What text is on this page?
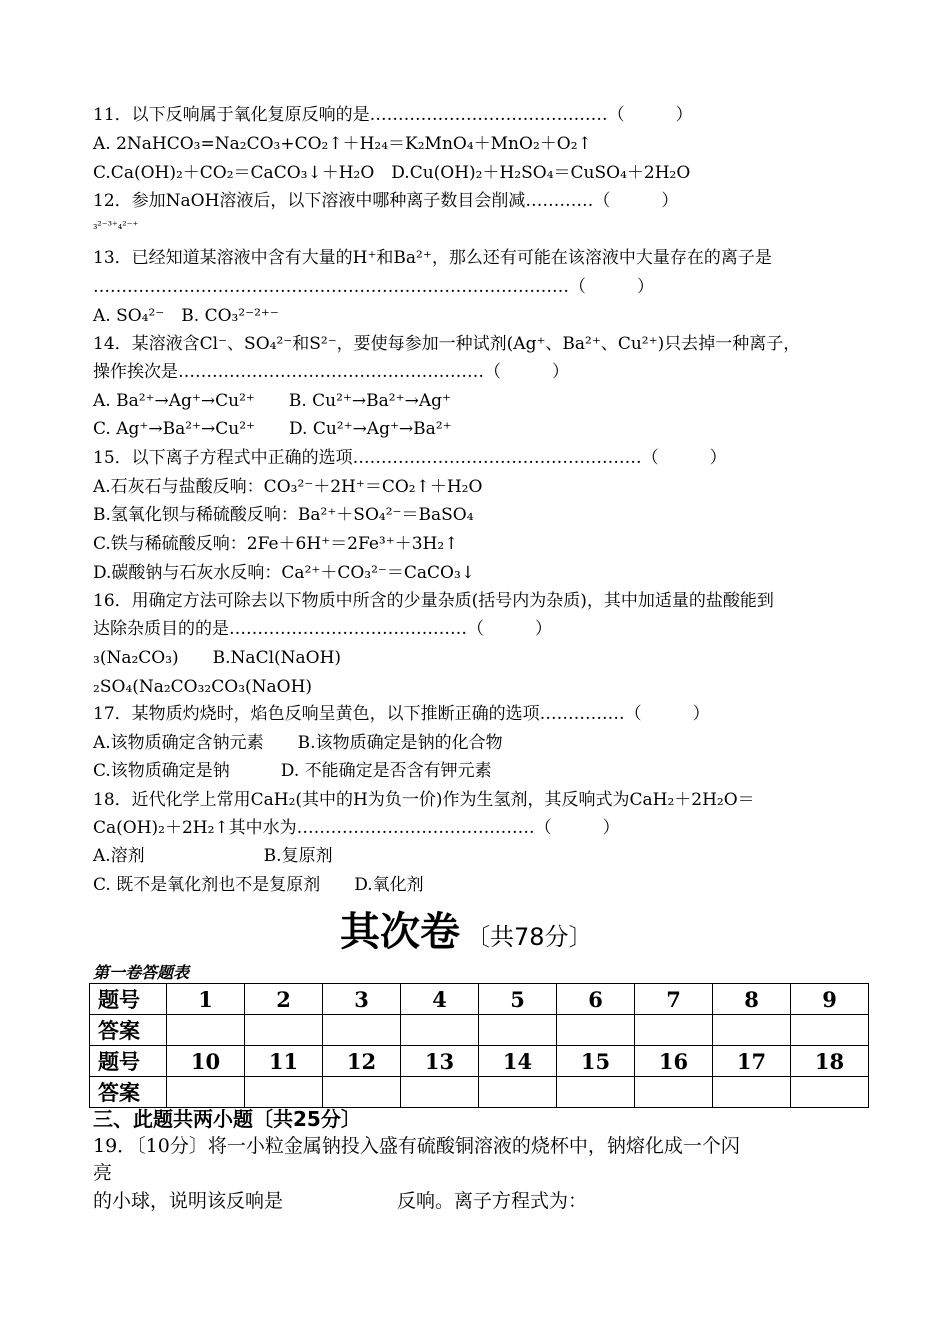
11．以下反响属于氧化复原反响的是……………………………………（　　　）
A. 2NaHCO₃=Na₂CO₃+CO₂↑＋H₂₄＝K₂MnO₄＋MnO₂＋O₂↑
C.Ca(OH)₂＋CO₂＝CaCO₃↓＋H₂O　D.Cu(OH)₂＋H₂SO₄＝CuSO₄＋2H₂O
12．参加NaOH溶液后，以下溶液中哪种离子数目会削减…………（　　　）
₃²⁻³⁺₄²⁻⁺
13．已经知道某溶液中含有大量的H⁺和Ba²⁺，那么还有可能在该溶液中大量存在的离子是
…………………………………………………………………………（　　　）
A. SO₄²⁻　B. CO₃²⁻²⁺⁻
14．某溶液含Cl⁻、SO₄²⁻和S²⁻，要使每参加一种试剂(Ag⁺、Ba²⁺、Cu²⁺)只去掉一种离子，
操作挨次是………………………………………………（　　　）
A. Ba²⁺→Ag⁺→Cu²⁺　　B. Cu²⁺→Ba²⁺→Ag⁺
C. Ag⁺→Ba²⁺→Cu²⁺　　D. Cu²⁺→Ag⁺→Ba²⁺
15．以下离子方程式中正确的选项……………………………………………（　　　）
A.石灰石与盐酸反响：CO₃²⁻＋2H⁺＝CO₂↑＋H₂O
B.氢氧化钡与稀硫酸反响：Ba²⁺＋SO₄²⁻＝BaSO₄
C.铁与稀硫酸反响：2Fe＋6H⁺＝2Fe³⁺＋3H₂↑
D.碳酸钠与石灰水反响：Ca²⁺＋CO₃²⁻＝CaCO₃↓
16．用确定方法可除去以下物质中所含的少量杂质(括号内为杂质)，其中加适量的盐酸能到
达除杂质目的的是……………………………………（　　　）
₃(Na₂CO₃)　　B.NaCl(NaOH)
₂SO₄(Na₂CO₃₂CO₃(NaOH)
17．某物质灼烧时，焰色反响呈黄色，以下推断正确的选项……………（　　　）
A.该物质确定含钠元素　　B.该物质确定是钠的化合物
C.该物质确定是钠　　　D. 不能确定是否含有钾元素
18．近代化学上常用CaH₂(其中的H为负一价)作为生氢剂，其反响式为CaH₂＋2H₂O＝
Ca(OH)₂＋2H₂↑其中水为……………………………………（　　　）
A.溶剂　　　　　　　B.复原剂
C. 既不是氧化剂也不是复原剂　　D.氧化剂
其次卷 〔共78分〕
第一卷答题表
题号	1	2	3	4	5	6	7	8	9
答案									
题号	10	11	12	13	14	15	16	17	18
答案									
三、此题共两小题〔共25分〕
19．〔10分〕将一小粒金属钠投入盛有硫酸铜溶液的烧杯中，钠熔化成一个闪
亮
的小球，说明该反响是　　　　　　反响。离子方程式为：
